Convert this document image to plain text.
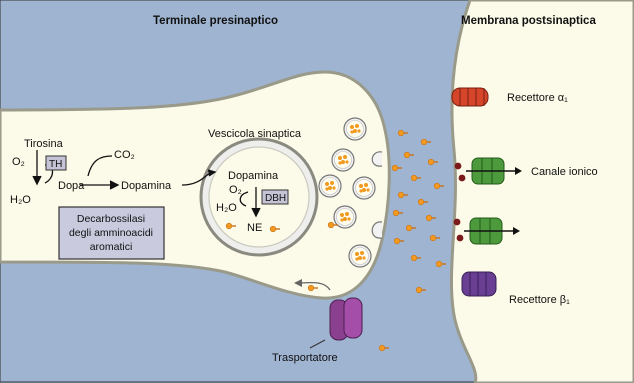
Terminale presinaptico	Membrana postsinaptica
Tirosina
O₂ TH
H₂O
Dopa
CO₂
Dopamina
Decarbossilasi
degli amminoacidi
aromatici
Vescicola sinaptica
Dopamina
O₂
H₂O
DBH
NE
Recettore α₁
Canale ionico
Recettore β₁
Trasportatore
